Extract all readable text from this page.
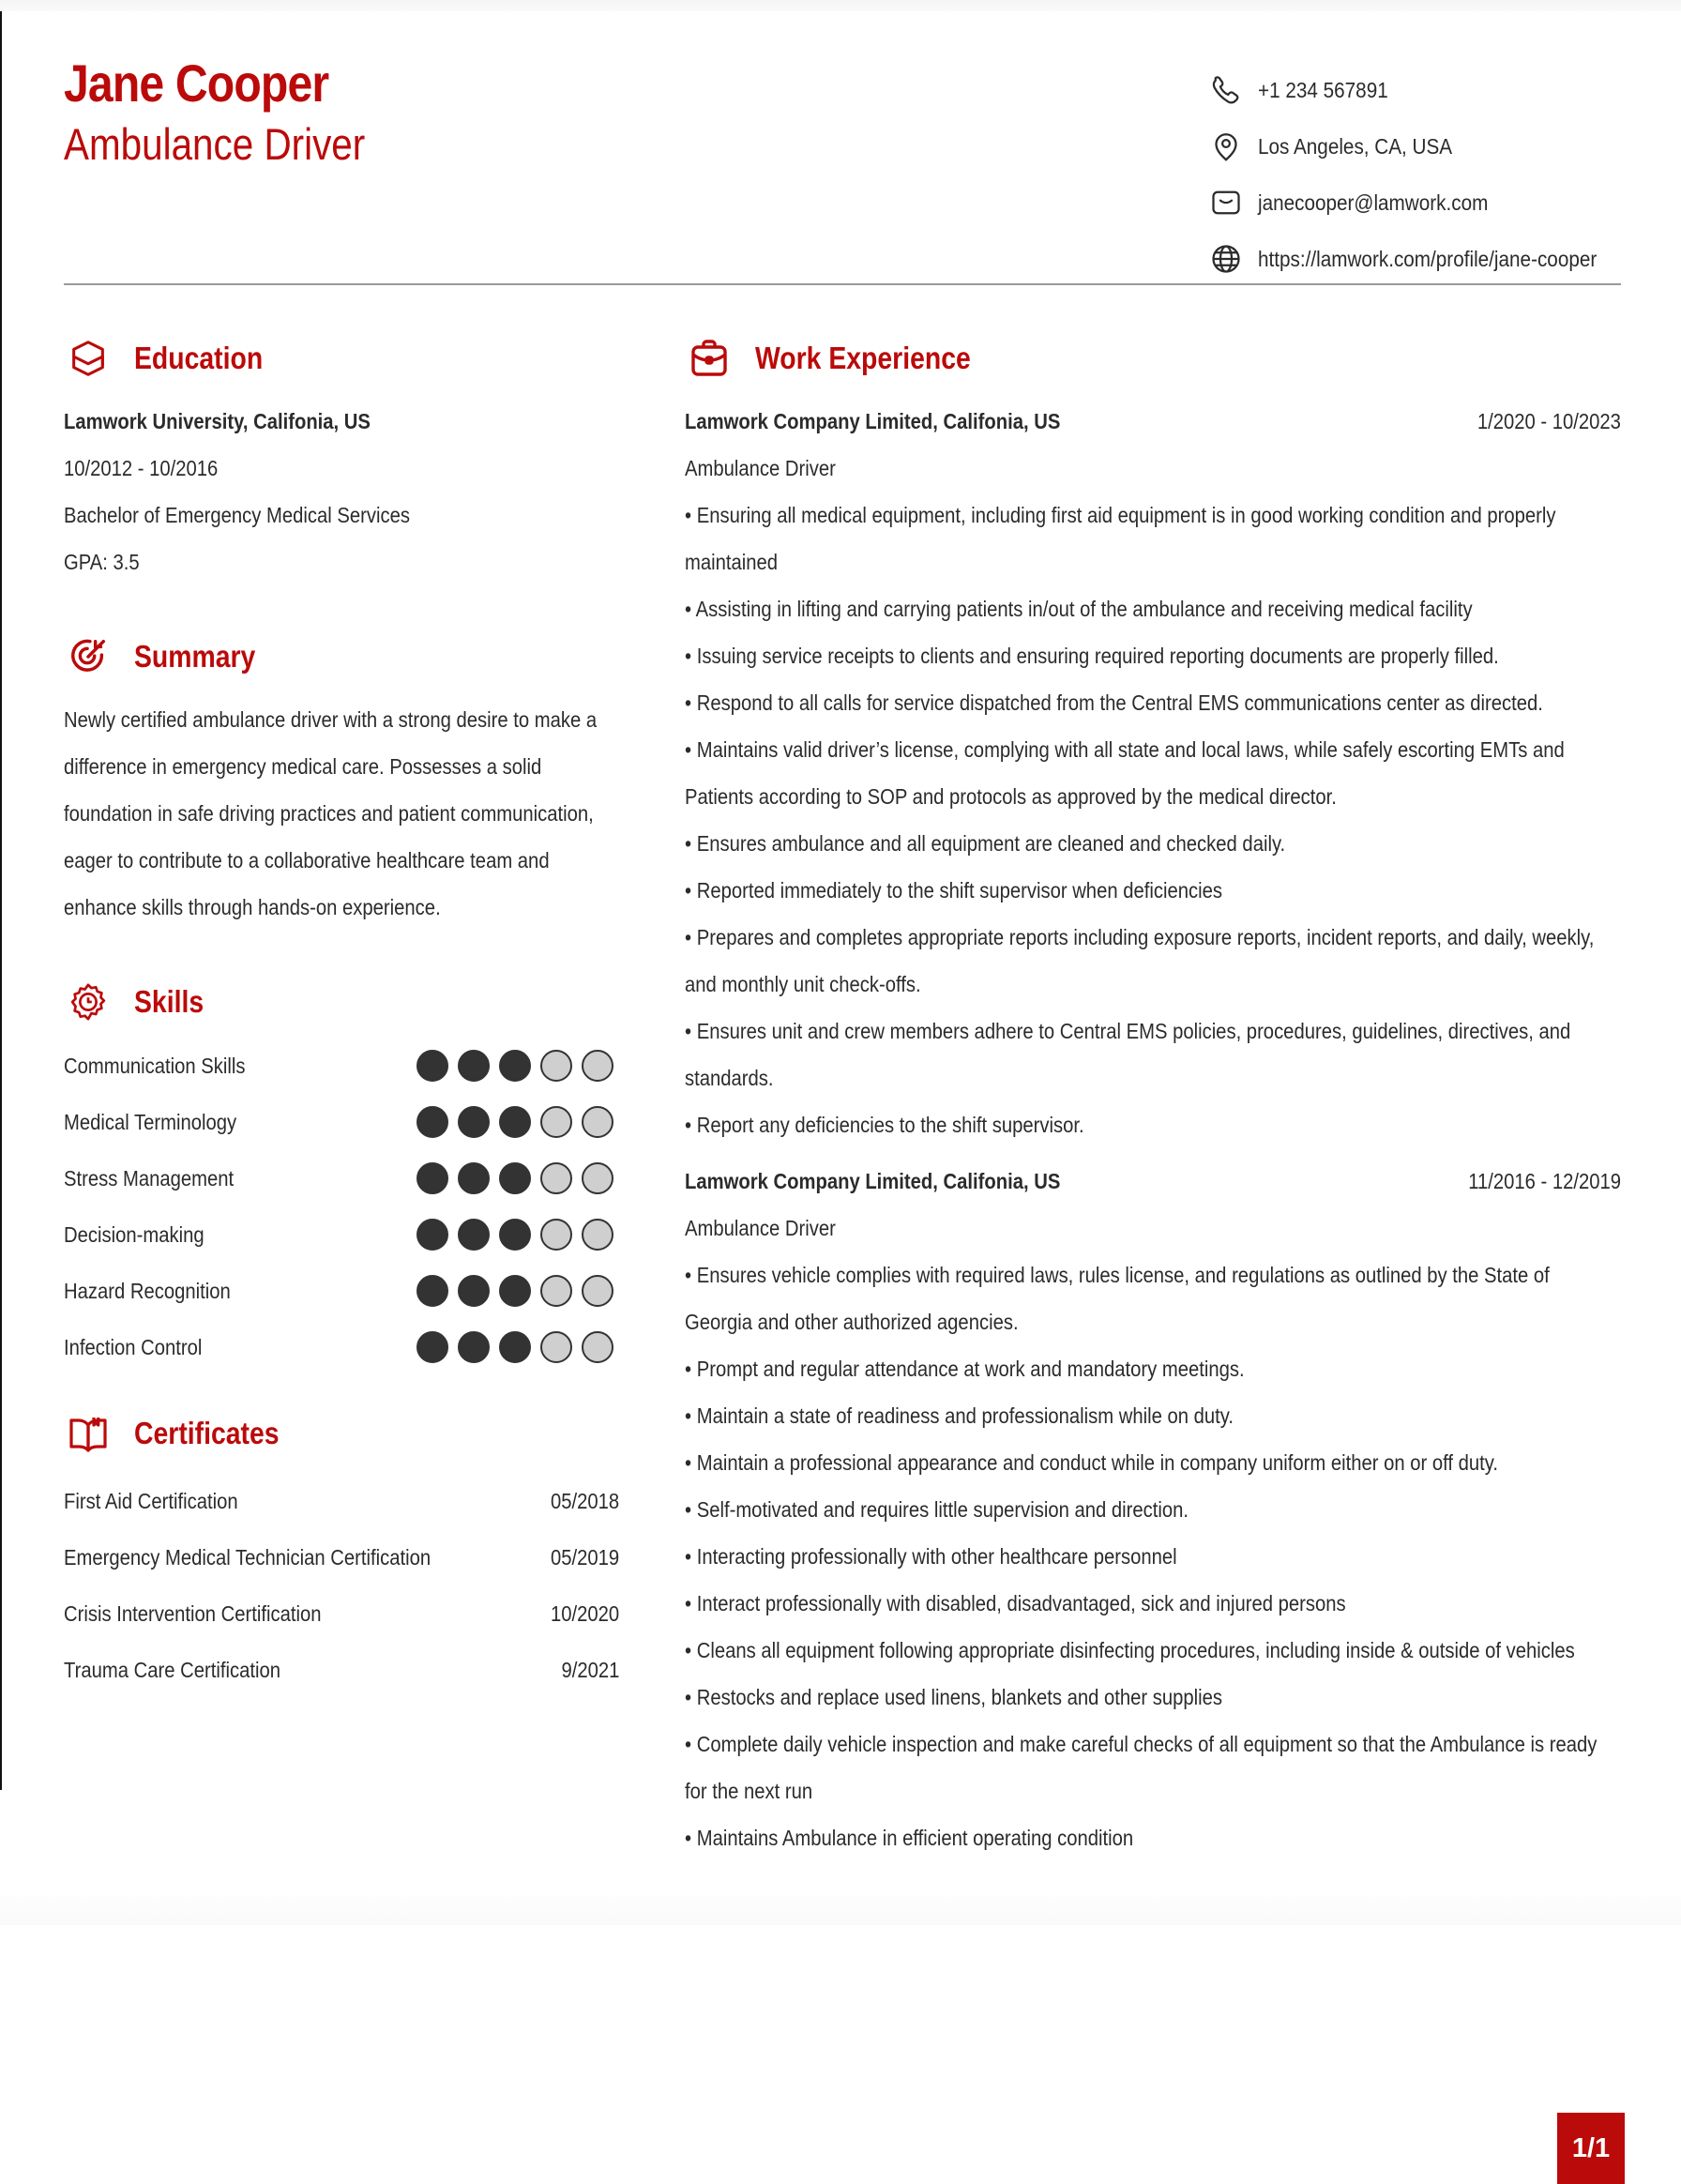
Jane Cooper
Ambulance Driver
+1 234 567891
Los Angeles, CA, USA
janecooper@lamwork.com
https://lamwork.com/profile/jane-cooper
Education
Lamwork University, Califonia, US
10/2012 - 10/2016
Bachelor of Emergency Medical Services
GPA: 3.5
Summary
Newly certified ambulance driver with a strong desire to make a difference in emergency medical care. Possesses a solid foundation in safe driving practices and patient communication, eager to contribute to a collaborative healthcare team and enhance skills through hands-on experience.
Skills
Communication Skills
Medical Terminology
Stress Management
Decision-making
Hazard Recognition
Infection Control
Certificates
First Aid Certification	05/2018
Emergency Medical Technician Certification	05/2019
Crisis Intervention Certification	10/2020
Trauma Care Certification	9/2021
Work Experience
Lamwork Company Limited, Califonia, US	1/2020 - 10/2023
Ambulance Driver
• Ensuring all medical equipment, including first aid equipment is in good working condition and properly maintained
• Assisting in lifting and carrying patients in/out of the ambulance and receiving medical facility
• Issuing service receipts to clients and ensuring required reporting documents are properly filled.
• Respond to all calls for service dispatched from the Central EMS communications center as directed.
• Maintains valid driver’s license, complying with all state and local laws, while safely escorting EMTs and Patients according to SOP and protocols as approved by the medical director.
• Ensures ambulance and all equipment are cleaned and checked daily.
• Reported immediately to the shift supervisor when deficiencies
• Prepares and completes appropriate reports including exposure reports, incident reports, and daily, weekly, and monthly unit check-offs.
• Ensures unit and crew members adhere to Central EMS policies, procedures, guidelines, directives, and standards.
• Report any deficiencies to the shift supervisor.
Lamwork Company Limited, Califonia, US	11/2016 - 12/2019
Ambulance Driver
• Ensures vehicle complies with required laws, rules license, and regulations as outlined by the State of Georgia and other authorized agencies.
• Prompt and regular attendance at work and mandatory meetings.
• Maintain a state of readiness and professionalism while on duty.
• Maintain a professional appearance and conduct while in company uniform either on or off duty.
• Self-motivated and requires little supervision and direction.
• Interacting professionally with other healthcare personnel
• Interact professionally with disabled, disadvantaged, sick and injured persons
• Cleans all equipment following appropriate disinfecting procedures, including inside & outside of vehicles
• Restocks and replace used linens, blankets and other supplies
• Complete daily vehicle inspection and make careful checks of all equipment so that the Ambulance is ready for the next run
• Maintains Ambulance in efficient operating condition
1/1
